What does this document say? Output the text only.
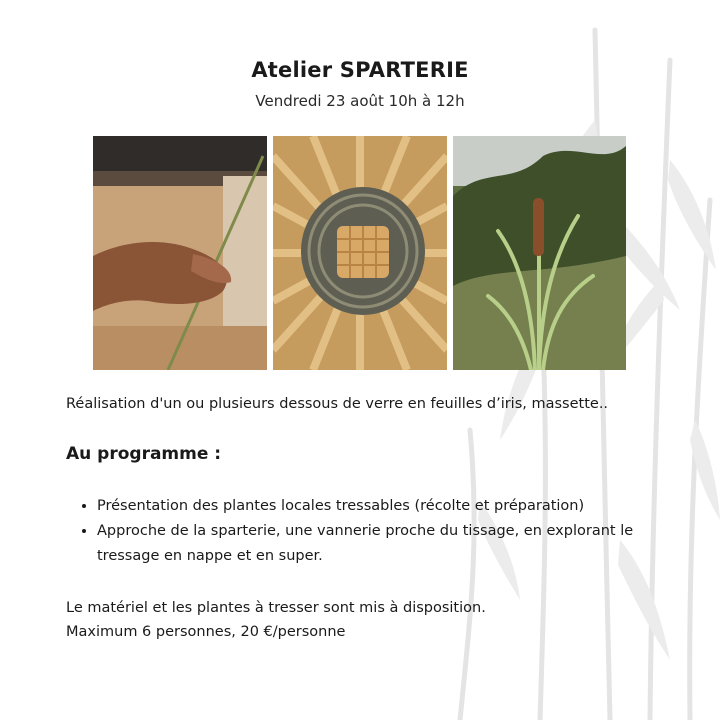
Atelier SPARTERIE
Vendredi 23 août 10h à 12h
Réalisation d'un ou plusieurs dessous de verre en feuilles d’iris, massette..
Au programme :
• Présentation des plantes locales tressables (récolte et préparation)
• Approche de la sparterie, une vannerie proche du tissage, en explorant le tressage en nappe et en super.
Le matériel et les plantes à tresser sont mis à disposition.
Maximum 6 personnes, 20 €/personne
